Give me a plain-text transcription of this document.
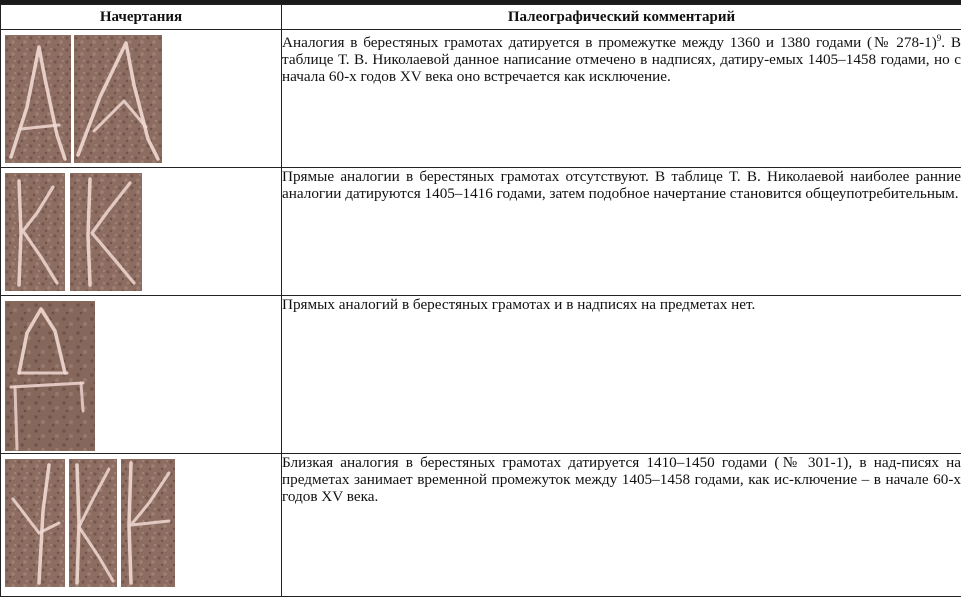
Начертания	Палеографический комментарий

	Аналогия в берестяных грамотах датируется в промежутке между 1360 и 1380 годами (№ 278-1)$^9$. В таблице Т. В. Николаевой данное написание отмечено в надписях, датиру-емых 1405–1458 годами, но с начала 60-х годов XV века оно встречается как исключение.

	Прямые аналогии в берестяных грамотах отсутствуют. В таблице Т. В. Николаевой наиболее ранние аналогии датируются 1405–1416 годами, затем подобное начертание становится общеупотребительным.

	Прямых аналогий в берестяных грамотах и в надписях на предметах нет.

	Близкая аналогия в берестяных грамотах датируется 1410–1450 годами (№ 301-1), в над-писях на предметах занимает временной промежуток между 1405–1458 годами, как ис-ключение – в начале 60-х годов XV века.
